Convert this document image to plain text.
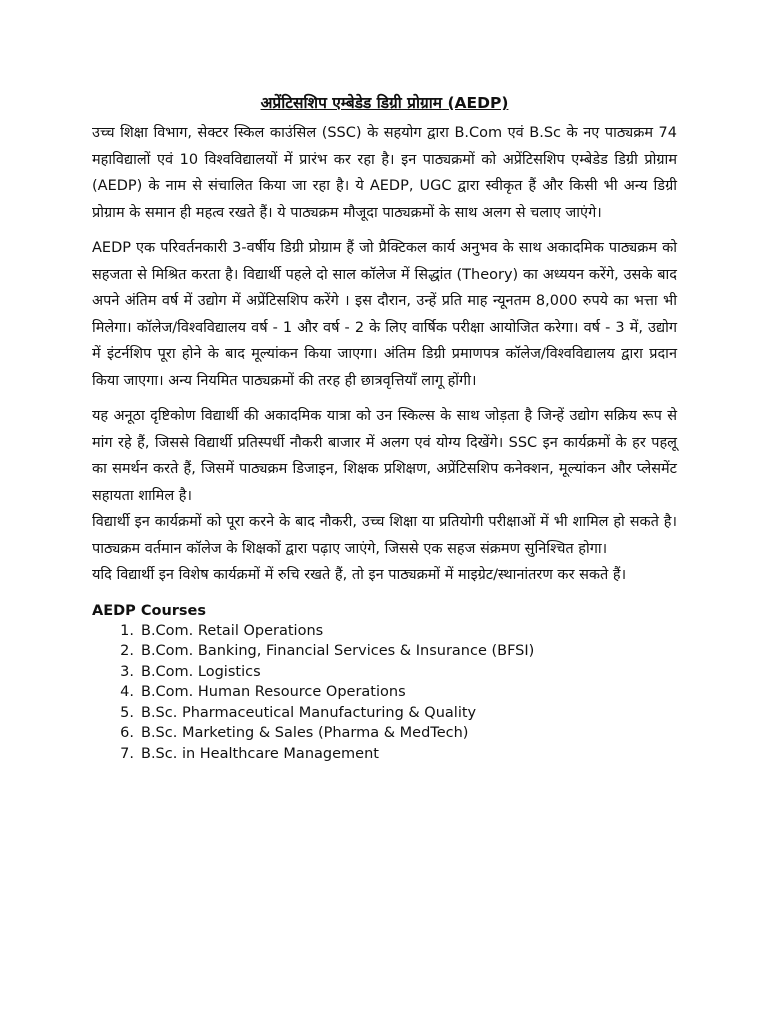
अप्रेंटिसशिप एम्बेडेड डिग्री प्रोग्राम (AEDP)

उच्च शिक्षा विभाग, सेक्टर स्किल काउंसिल (SSC) के सहयोग द्वारा B.Com एवं B.Sc के नए पाठ्यक्रम 74 महाविद्यालों एवं 10 विश्वविद्यालयों में प्रारंभ कर रहा है। इन पाठ्यक्रमों को अप्रेंटिसशिप एम्बेडेड डिग्री प्रोग्राम (AEDP) के नाम से संचालित किया जा रहा है। ये AEDP, UGC द्वारा स्वीकृत हैं और किसी भी अन्य डिग्री प्रोग्राम के समान ही महत्व रखते हैं। ये पाठ्यक्रम मौजूदा पाठ्यक्रमों के साथ अलग से चलाए जाएंगे।

AEDP एक परिवर्तनकारी 3-वर्षीय डिग्री प्रोग्राम हैं जो प्रैक्टिकल कार्य अनुभव के साथ अकादमिक पाठ्यक्रम को सहजता से मिश्रित करता है। विद्यार्थी पहले दो साल कॉलेज में सिद्धांत (Theory) का अध्ययन करेंगे, उसके बाद अपने अंतिम वर्ष में उद्योग में अप्रेंटिसशिप करेंगे । इस दौरान, उन्हें प्रति माह न्यूनतम 8,000 रुपये का भत्ता भी मिलेगा। कॉलेज/विश्वविद्यालय वर्ष - 1 और वर्ष - 2 के लिए वार्षिक परीक्षा आयोजित करेगा। वर्ष - 3 में, उद्योग में इंटर्नशिप पूरा होने के बाद मूल्यांकन किया जाएगा। अंतिम डिग्री प्रमाणपत्र कॉलेज/विश्वविद्यालय द्वारा प्रदान किया जाएगा। अन्य नियमित पाठ्यक्रमों की तरह ही छात्रवृत्तियाँ लागू होंगी।

यह अनूठा दृष्टिकोण विद्यार्थी की अकादमिक यात्रा को उन स्किल्स के साथ जोड़ता है जिन्हें उद्योग सक्रिय रूप से मांग रहे हैं, जिससे विद्यार्थी प्रतिस्पर्धी नौकरी बाजार में अलग एवं योग्य दिखेंगे। SSC इन कार्यक्रमों के हर पहलू का समर्थन करते हैं, जिसमें पाठ्यक्रम डिजाइन, शिक्षक प्रशिक्षण, अप्रेंटिसशिप कनेक्शन, मूल्यांकन और प्लेसमेंट सहायता शामिल है।

विद्यार्थी इन कार्यक्रमों को पूरा करने के बाद नौकरी, उच्च शिक्षा या प्रतियोगी परीक्षाओं में भी शामिल हो सकते है। पाठ्यक्रम वर्तमान कॉलेज के शिक्षकों द्वारा पढ़ाए जाएंगे, जिससे एक सहज संक्रमण सुनिश्चित होगा।

यदि विद्यार्थी इन विशेष कार्यक्रमों में रुचि रखते हैं, तो इन पाठ्यक्रमों में माइग्रेट/स्थानांतरण कर सकते हैं।

AEDP Courses
1. B.Com. Retail Operations
2. B.Com. Banking, Financial Services & Insurance (BFSI)
3. B.Com. Logistics
4. B.Com. Human Resource Operations
5. B.Sc. Pharmaceutical Manufacturing & Quality
6. B.Sc. Marketing & Sales (Pharma & MedTech)
7. B.Sc. in Healthcare Management
